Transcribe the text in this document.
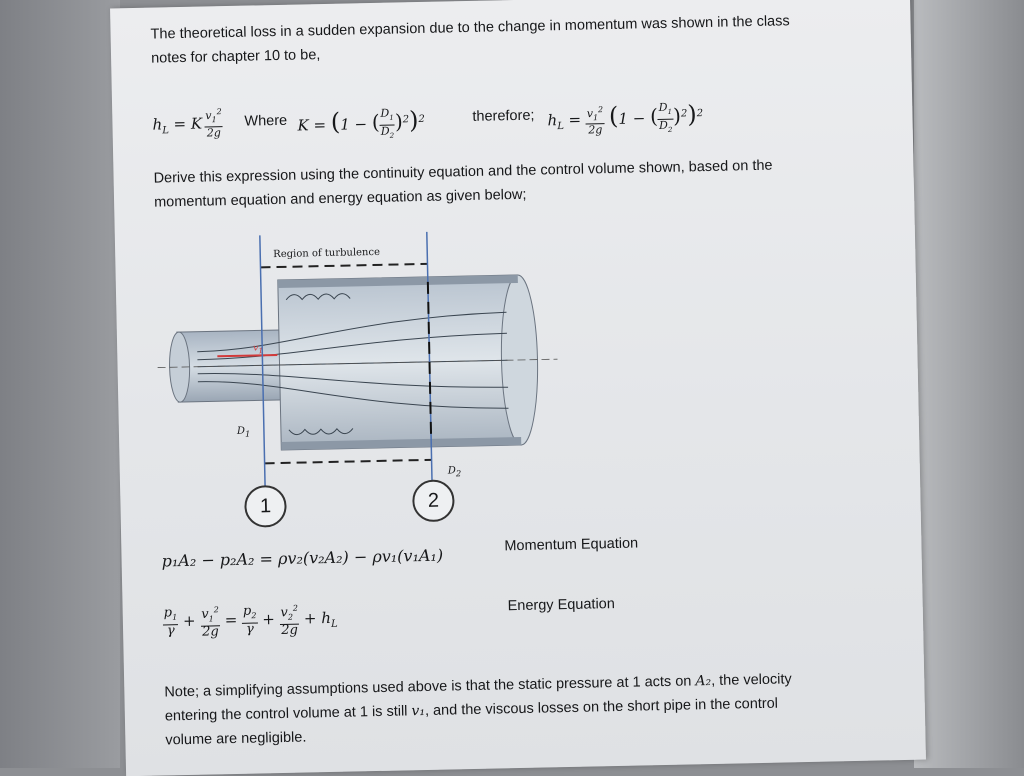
The theoretical loss in a sudden expansion due to the change in momentum was shown in the class
notes for chapter 10 to be,
$h_L = K \frac{v_1^2}{2g}$ Where K = (1 − ( $\frac{D_1}{D_2} )^2)^2$	therefore; $h_L = \frac{v_1^2}{2g} (1$ − ( $\frac{D_1}{D_2} )^2)^2$
Derive this expression using the continuity equation and the control volume shown, based on the
momentum equation and energy equation as given below;
Region of turbulence
$D_1$
$D_2$
$v_1$
1	2
p₁A₂ − p₂A₂ = ρv₂(v₂A₂) − ρv₁(v₁A₁)
Momentum Equation
$\frac{p_1}{\gamma} + \frac{v_1^2}{2g} = \frac{p_2}{\gamma} + \frac{v_2^2}{2g} + h_L$
Energy Equation
Note; a simplifying assumptions used above is that the static pressure at 1 acts on A₂, the velocity
entering the control volume at 1 is still v₁, and the viscous losses on the short pipe in the control
volume are negligible.
